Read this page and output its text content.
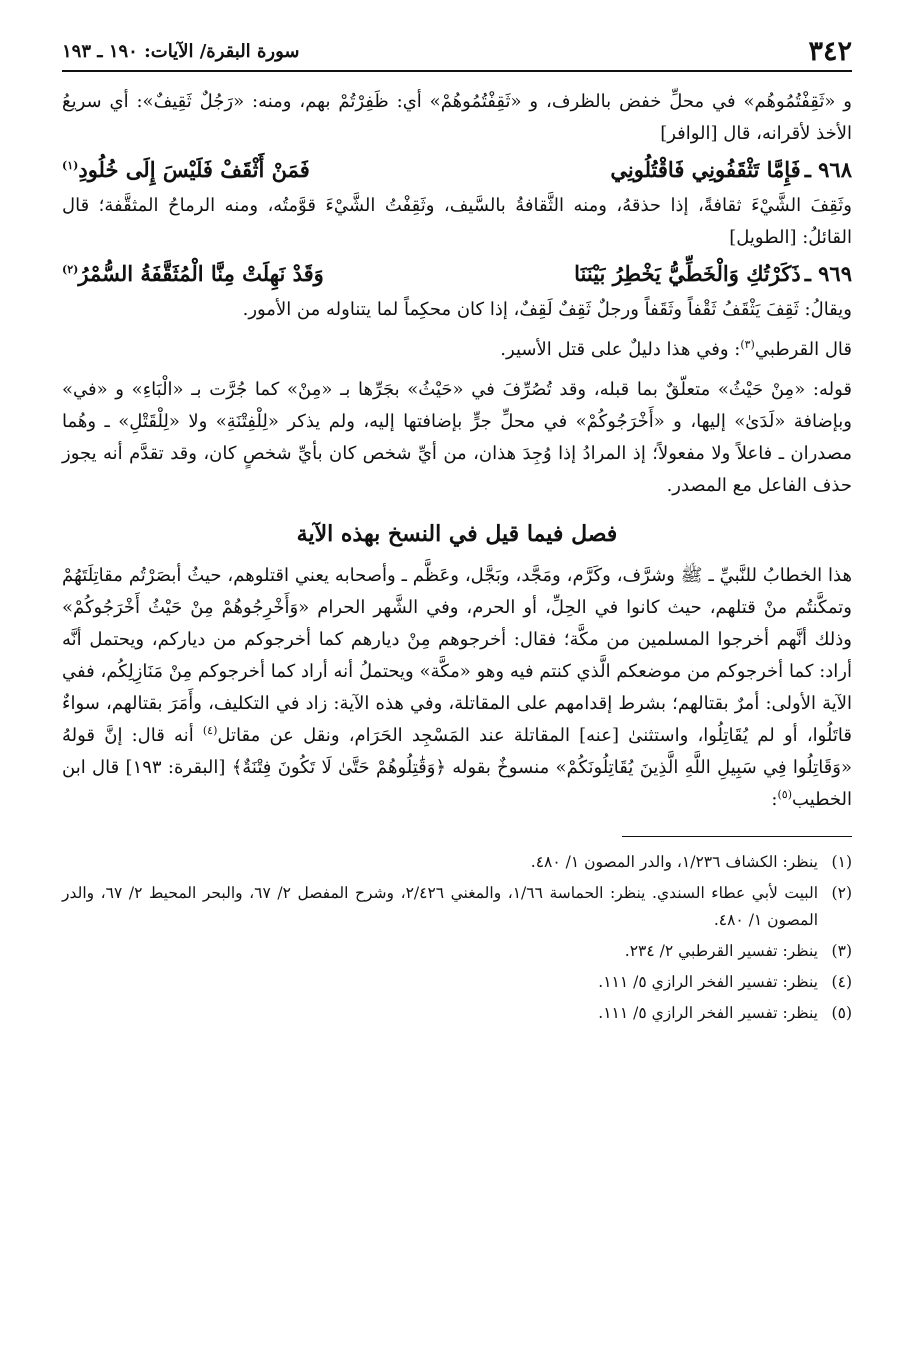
٣٤٢
سورة البقرة/ الآيات: ١٩٠ ـ ١٩٣

و «ثَقِفْتُمُوهُم» في محلِّ خفض بالظرف، و «ثَقِفْتُمُوهُمْ» أي: ظَفِرْتُمْ بهم، ومنه: «رَجُلٌ ثَقِيفٌ»: أي سريعُ الأخذ لأقرانه، قال [الوافر]

٩٦٨ ـ
فَإِمَّا تَثْقَفُونِي فَاقْتُلُونِي
فَمَنْ أَثْقَفْ فَلَيْسَ إِلَى خُلُودِ$^{(١)}$

وثَقِفَ الشَّيْءَ ثقافةً، إذا حذقهُ، ومنه الثَّقافةُ بالسَّيف، وثَقِفْتُ الشَّيْءَ قوَّمتُه، ومنه الرماحُ المثقَّفة؛ قال القائلُ: [الطويل]

٩٦٩ ـ
ذَكَرْتُكِ وَالْخَطِّيُّ يَخْطِرُ بَيْنَنَا
وَقَدْ نَهِلَتْ مِنَّا الْمُثَقَّفَةُ السُّمْرُ$^{(٢)}$

ويقالُ: ثَقِفَ يَثْقَفُ ثَقْفاً وثَقَفاً ورجلٌ ثَقِفٌ لَقِفٌ، إذا كان محكِماً لما يتناوله من الأمور.

قال القرطبي$^{(٣)}$: وفي هذا دليلٌ على قتل الأسير.

قوله: «مِنْ حَيْثُ» متعلّقٌ بما قبله، وقد تُصُرِّفَ في «حَيْثُ» بجَرِّها بـ «مِنْ» كما جُرَّت بـ «الْبَاءِ» و «في» وبإضافة «لَدَىٰ» إليها، و «أَخْرَجُوكُمْ» في محلِّ جرٍّ بإضافتها إليه، ولم يذكر «لِلْفِتْنَةِ» ولا «لِلْقَتْلِ» ـ وهُما مصدران ـ فاعلاً ولا مفعولاً؛ إذ المرادُ إذا وُجِدَ هذان، من أيِّ شخص كان بأيِّ شخصٍ كان، وقد تقدَّم أنه يجوز حذف الفاعل مع المصدر.

فصل فيما قيل في النسخ بهذه الآية

هذا الخطابُ للنَّبيِّ ـ ﷺ وشرَّف، وكَرَّم، ومَجَّد، وبَجَّل، وعَظَّم ـ وأصحابه يعني اقتلوهم، حيثُ أبصَرْتُم مقاتِلَتَهُمْ وتمكَّنتُم منْ قتلهم، حيث كانوا في الحِلِّ، أو الحرم، وفي الشَّهر الحرام «وَأَخْرِجُوهُمْ مِنْ حَيْثُ أَخْرَجُوكُمْ» وذلك أنَّهم أخرجوا المسلمين من مكَّة؛ فقال: أخرجوهم مِنْ ديارهم كما أخرجوكم من دياركم، ويحتمل أنَّه أراد: كما أخرجوكم من موضعكم الَّذي كنتم فيه وهو «مكَّة» ويحتملُ أنه أراد كما أخرجوكم مِنْ مَنَازِلِكُم، ففي الآية الأولى: أمرٌ بقتالهم؛ بشرط إقدامهم على المقاتلة، وفي هذه الآية: زاد في التكليف، وأَمَرَ بقتالهم، سواءٌ قاتَلُوا، أو لم يُقَاتِلُوا، واستثنىٰ [عنه] المقاتلة عند المَسْجِد الحَرَام، ونقل عن مقاتل$^{(٤)}$ أنه قال: إنَّ قولهُ «وَقَاتِلُوا فِي سَبِيلِ اللَّهِ الَّذِينَ يُقَاتِلُونَكُمْ» منسوخٌ بقوله ﴿وَقَٰتِلُوهُمْ حَتَّىٰ لَا تَكُونَ فِتْنَةٌ﴾ [البقرة: ١٩٣] قال ابن الخطيب$^{(٥)}$:

(١)
ينظر: الكشاف ١/٢٣٦، والدر المصون ١/ ٤٨٠.

(٢)
البيت لأبي عطاء السندي. ينظر: الحماسة ١/٦٦، والمغني ٢/٤٢٦، وشرح المفصل ٢/ ٦٧، والبحر المحيط ٢/ ٦٧، والدر المصون ١/ ٤٨٠.

(٣)
ينظر: تفسير القرطبي ٢/ ٢٣٤.

(٤)
ينظر: تفسير الفخر الرازي ٥/ ١١١.

(٥)
ينظر: تفسير الفخر الرازي ٥/ ١١١.
